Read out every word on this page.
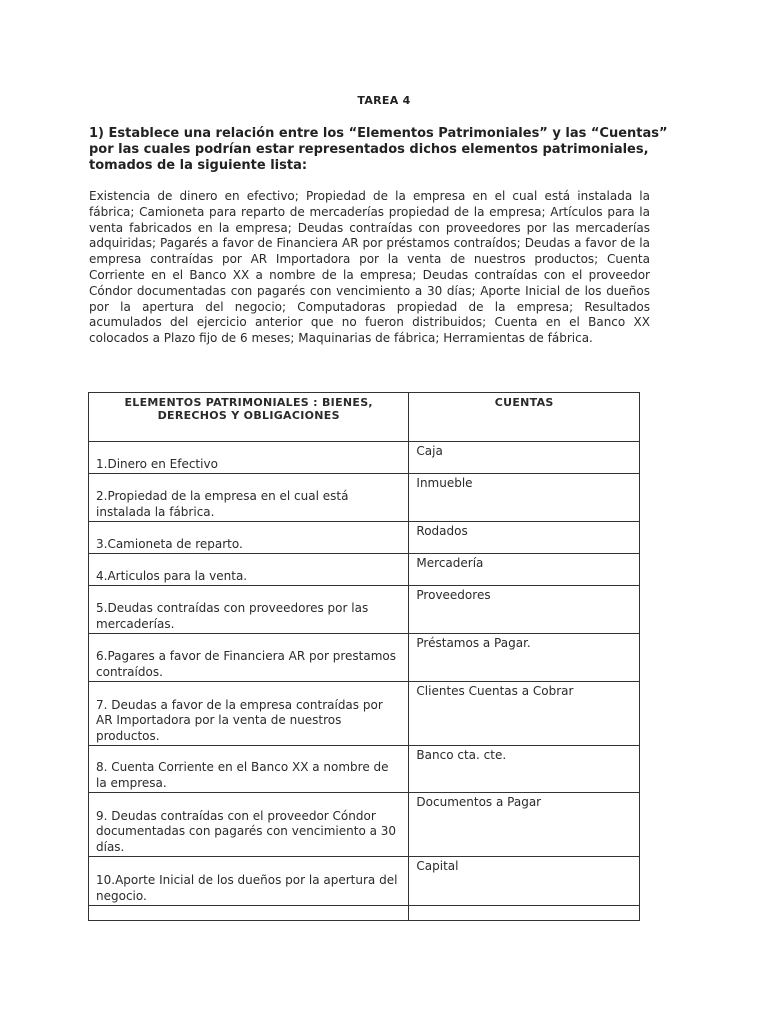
TAREA 4

1) Establece una relación entre los “Elementos Patrimoniales” y las “Cuentas” por las cuales podrían estar representados dichos elementos patrimoniales, tomados de la siguiente lista:

Existencia de dinero en efectivo; Propiedad de la empresa en el cual está instalada la fábrica; Camioneta para reparto de mercaderías propiedad de la empresa; Artículos para la venta fabricados en la empresa; Deudas contraídas con proveedores por las mercaderías adquiridas; Pagarés a favor de Financiera AR por préstamos contraídos; Deudas a favor de la empresa contraídas por AR Importadora por la venta de nuestros productos; Cuenta Corriente en el Banco XX a nombre de la empresa; Deudas contraídas con el proveedor Cóndor documentadas con pagarés con vencimiento a 30 días; Aporte Inicial de los dueños por la apertura del negocio; Computadoras propiedad de la empresa; Resultados acumulados del ejercicio anterior que no fueron distribuidos; Cuenta en el Banco XX colocados a Plazo fijo de 6 meses; Maquinarias de fábrica; Herramientas de fábrica.

ELEMENTOS PATRIMONIALES : BIENES, DERECHOS Y OBLIGACIONES	CUENTAS
1.Dinero en Efectivo	Caja
2.Propiedad de la empresa en el cual está instalada la fábrica.	Inmueble
3.Camioneta de reparto.	Rodados
4.Articulos para la venta.	Mercadería
5.Deudas contraídas con proveedores por las mercaderías.	Proveedores
6.Pagares a favor de Financiera AR por prestamos contraídos.	Préstamos a Pagar.
7. Deudas a favor de la empresa contraídas por AR Importadora por la venta de nuestros productos.	Clientes Cuentas a Cobrar
8. Cuenta Corriente en el Banco XX a nombre de la empresa.	Banco cta. cte.
9. Deudas contraídas con el proveedor Cóndor documentadas con pagarés con vencimiento a 30 días.	Documentos a Pagar
10.Aporte Inicial de los dueños por la apertura del negocio.	Capital
